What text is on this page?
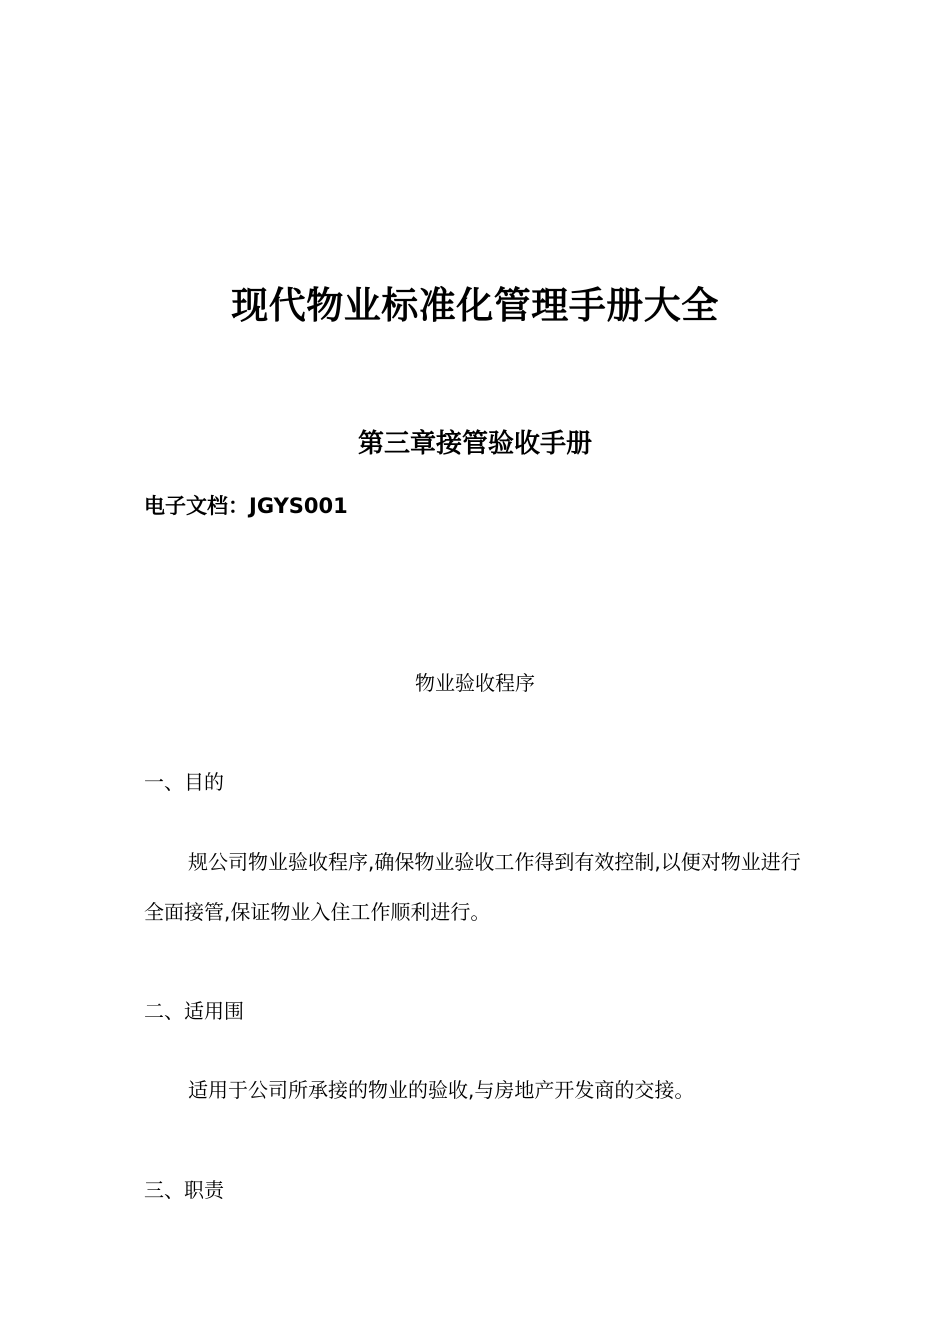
现代物业标准化管理手册大全
第三章接管验收手册
电子文档：JGYS001
物业验收程序
一、目的

规公司物业验收程序,确保物业验收工作得到有效控制,以便对物业进行全面接管,保证物业入住工作顺利进行。

二、适用围
适用于公司所承接的物业的验收,与房地产开发商的交接。
三、职责
